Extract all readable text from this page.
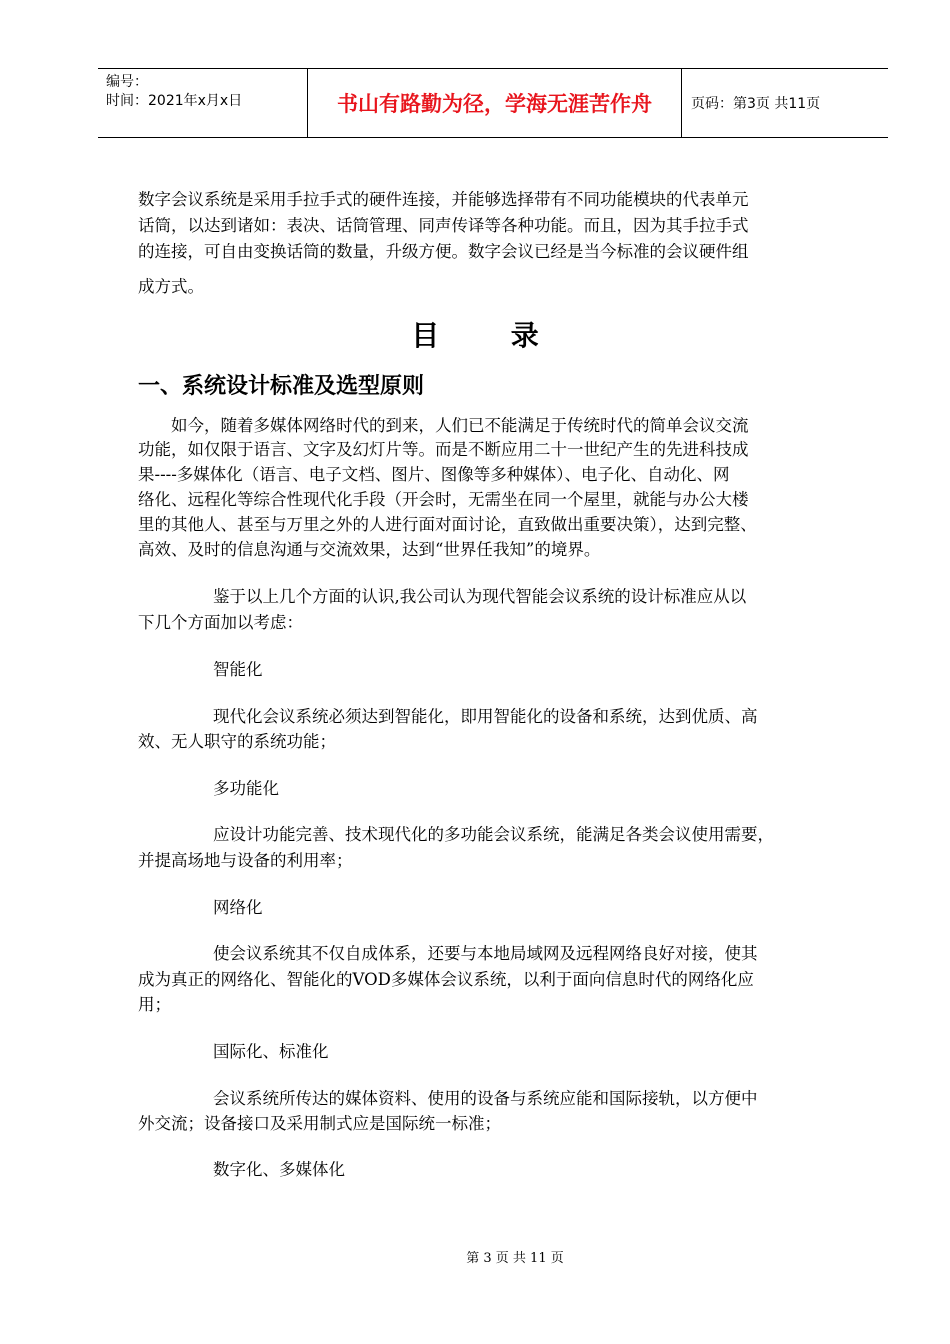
编号：
时间：2021年x月x日	书山有路勤为径，学海无涯苦作舟	页码：第3页 共11页

数字会议系统是采用手拉手式的硬件连接，并能够选择带有不同功能模块的代表单元

话筒，以达到诸如：表决、话筒管理、同声传译等各种功能。而且，因为其手拉手式

的连接，可自由变换话筒的数量，升级方便。数字会议已经是当今标准的会议硬件组

成方式。

目	录
一、系统设计标准及选型原则

如今，随着多媒体网络时代的到来，人们已不能满足于传统时代的简单会议交流

功能，如仅限于语言、文字及幻灯片等。而是不断应用二十一世纪产生的先进科技成

果----多媒体化（语言、电子文档、图片、图像等多种媒体）、电子化、自动化、网

络化、远程化等综合性现代化手段（开会时，无需坐在同一个屋里，就能与办公大楼

里的其他人、甚至与万里之外的人进行面对面讨论，直致做出重要决策），达到完整、

高效、及时的信息沟通与交流效果，达到“世界任我知”的境界。

鉴于以上几个方面的认识,我公司认为现代智能会议系统的设计标准应从以

下几个方面加以考虑：

智能化

现代化会议系统必须达到智能化，即用智能化的设备和系统，达到优质、高

效、无人职守的系统功能；

多功能化

应设计功能完善、技术现代化的多功能会议系统，能满足各类会议使用需要，

并提高场地与设备的利用率；

网络化

使会议系统其不仅自成体系，还要与本地局域网及远程网络良好对接，使其

成为真正的网络化、智能化的VOD多媒体会议系统，以利于面向信息时代的网络化应

用；

国际化、标准化

会议系统所传达的媒体资料、使用的设备与系统应能和国际接轨，以方便中

外交流；设备接口及采用制式应是国际统一标准；

数字化、多媒体化

第 3 页 共 11 页
